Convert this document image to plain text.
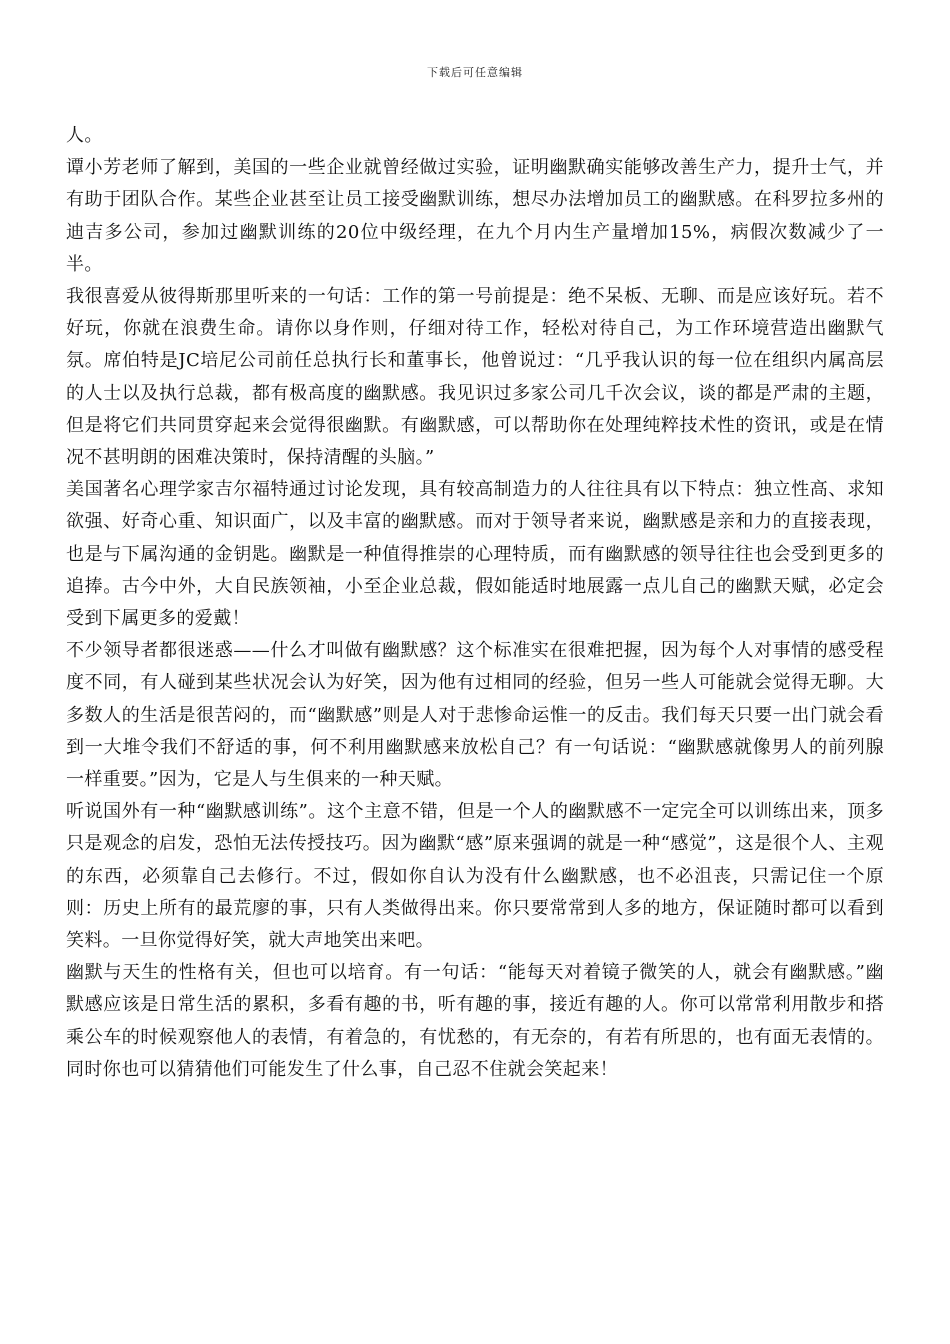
下载后可任意编辑

人。

谭小芳老师了解到，美国的一些企业就曾经做过实验，证明幽默确实能够改善生产力，提升士气，并有助于团队合作。某些企业甚至让员工接受幽默训练，想尽办法增加员工的幽默感。在科罗拉多州的迪吉多公司，参加过幽默训练的20位中级经理，在九个月内生产量增加15%，病假次数减少了一半。

我很喜爱从彼得斯那里听来的一句话：工作的第一号前提是：绝不呆板、无聊、而是应该好玩。若不好玩，你就在浪费生命。请你以身作则，仔细对待工作，轻松对待自己，为工作环境营造出幽默气氛。席伯特是JC培尼公司前任总执行长和董事长，他曾说过：“几乎我认识的每一位在组织内属高层的人士以及执行总裁，都有极高度的幽默感。我见识过多家公司几千次会议，谈的都是严肃的主题，但是将它们共同贯穿起来会觉得很幽默。有幽默感，可以帮助你在处理纯粹技术性的资讯，或是在情况不甚明朗的困难决策时，保持清醒的头脑。”

美国著名心理学家吉尔福特通过讨论发现，具有较高制造力的人往往具有以下特点：独立性高、求知欲强、好奇心重、知识面广，以及丰富的幽默感。而对于领导者来说，幽默感是亲和力的直接表现，也是与下属沟通的金钥匙。幽默是一种值得推崇的心理特质，而有幽默感的领导往往也会受到更多的追捧。古今中外，大自民族领袖，小至企业总裁，假如能适时地展露一点儿自己的幽默天赋，必定会受到下属更多的爱戴！

不少领导者都很迷惑——什么才叫做有幽默感？这个标准实在很难把握，因为每个人对事情的感受程度不同，有人碰到某些状况会认为好笑，因为他有过相同的经验，但另一些人可能就会觉得无聊。大多数人的生活是很苦闷的，而“幽默感”则是人对于悲惨命运惟一的反击。我们每天只要一出门就会看到一大堆令我们不舒适的事，何不利用幽默感来放松自己？有一句话说：“幽默感就像男人的前列腺一样重要。”因为，它是人与生俱来的一种天赋。

听说国外有一种“幽默感训练”。这个主意不错，但是一个人的幽默感不一定完全可以训练出来，顶多只是观念的启发，恐怕无法传授技巧。因为幽默“感”原来强调的就是一种“感觉”，这是很个人、主观的东西，必须靠自己去修行。不过，假如你自认为没有什么幽默感，也不必沮丧，只需记住一个原则：历史上所有的最荒廖的事，只有人类做得出来。你只要常常到人多的地方，保证随时都可以看到笑料。一旦你觉得好笑，就大声地笑出来吧。

幽默与天生的性格有关，但也可以培育。有一句话：“能每天对着镜子微笑的人，就会有幽默感。”幽默感应该是日常生活的累积，多看有趣的书，听有趣的事，接近有趣的人。你可以常常利用散步和搭乘公车的时候观察他人的表情，有着急的，有忧愁的，有无奈的，有若有所思的，也有面无表情的。同时你也可以猜猜他们可能发生了什么事，自己忍不住就会笑起来！
